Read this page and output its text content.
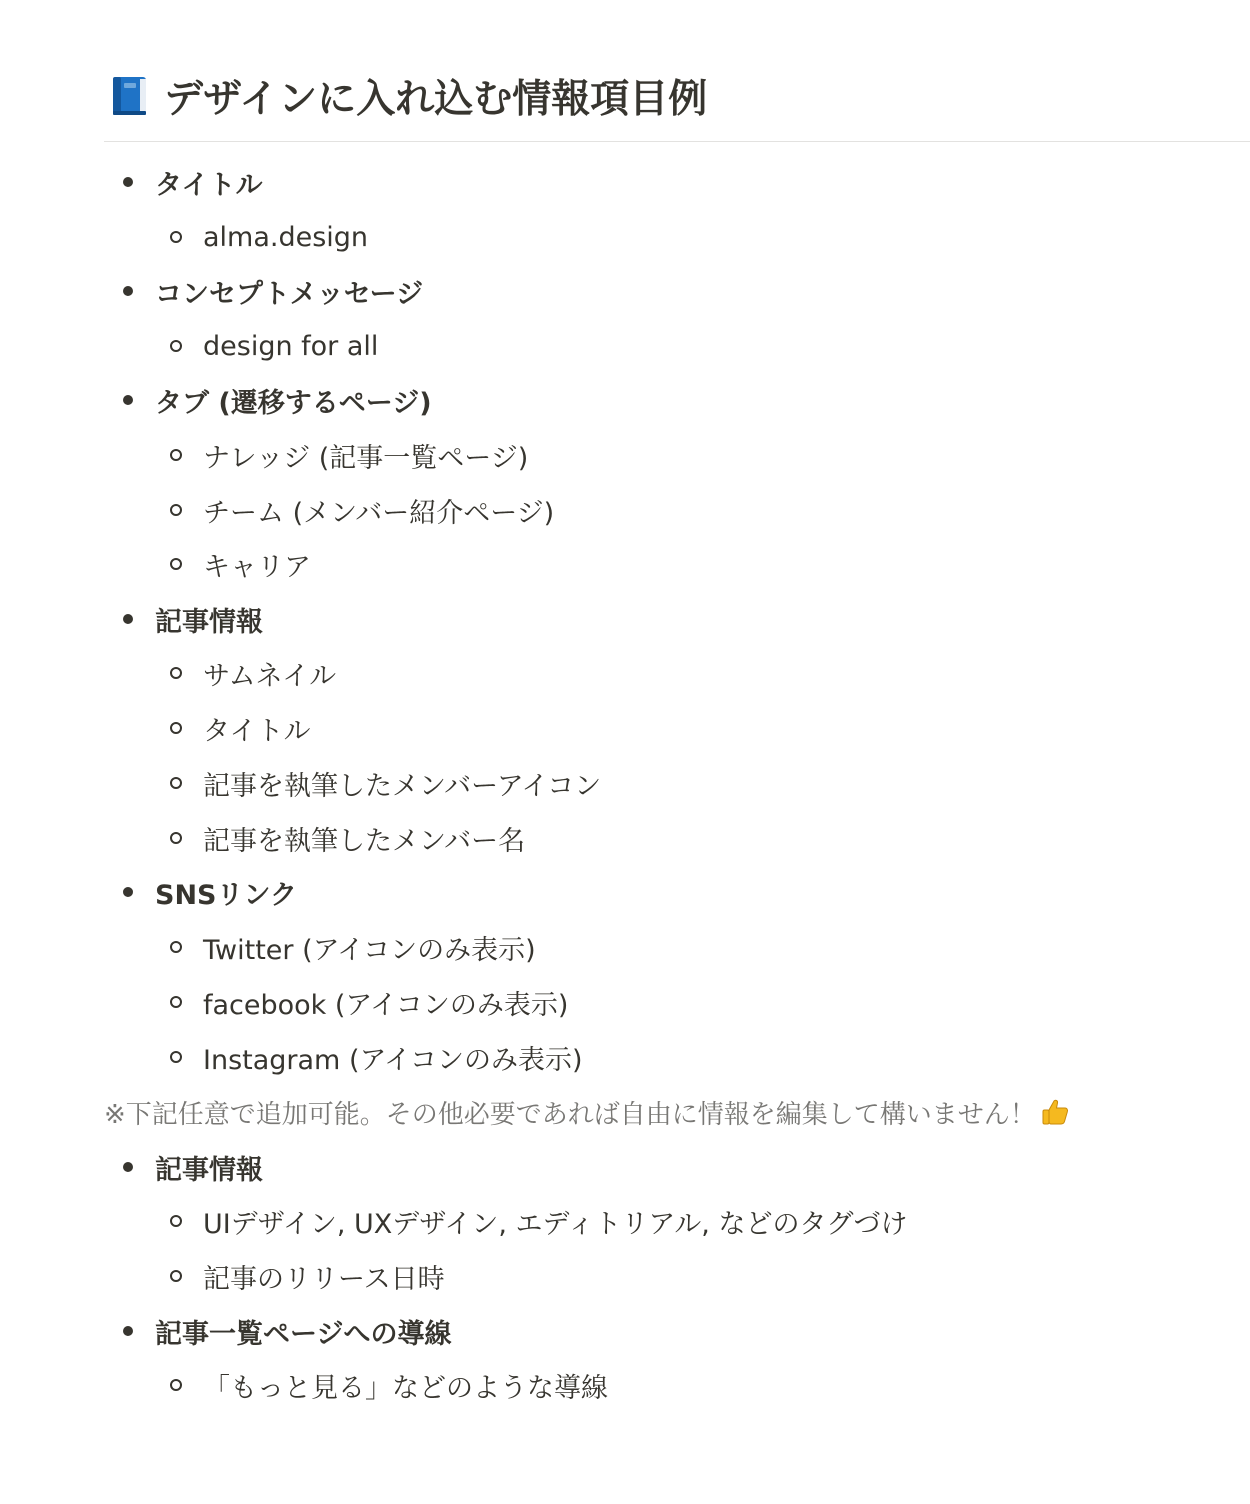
デザインに入れ込む情報項目例
タイトル
alma.design
コンセプトメッセージ
design for all
タブ (遷移するページ)
ナレッジ (記事一覧ページ)
チーム (メンバー紹介ページ)
キャリア
記事情報
サムネイル
タイトル
記事を執筆したメンバーアイコン
記事を執筆したメンバー名
SNSリンク
Twitter (アイコンのみ表示)
facebook (アイコンのみ表示)
Instagram (アイコンのみ表示)
※下記任意で追加可能。その他必要であれば自由に情報を編集して構いません！
記事情報
UIデザイン, UXデザイン, エディトリアル, などのタグづけ
記事のリリース日時
記事一覧ページへの導線
「もっと見る」などのような導線
